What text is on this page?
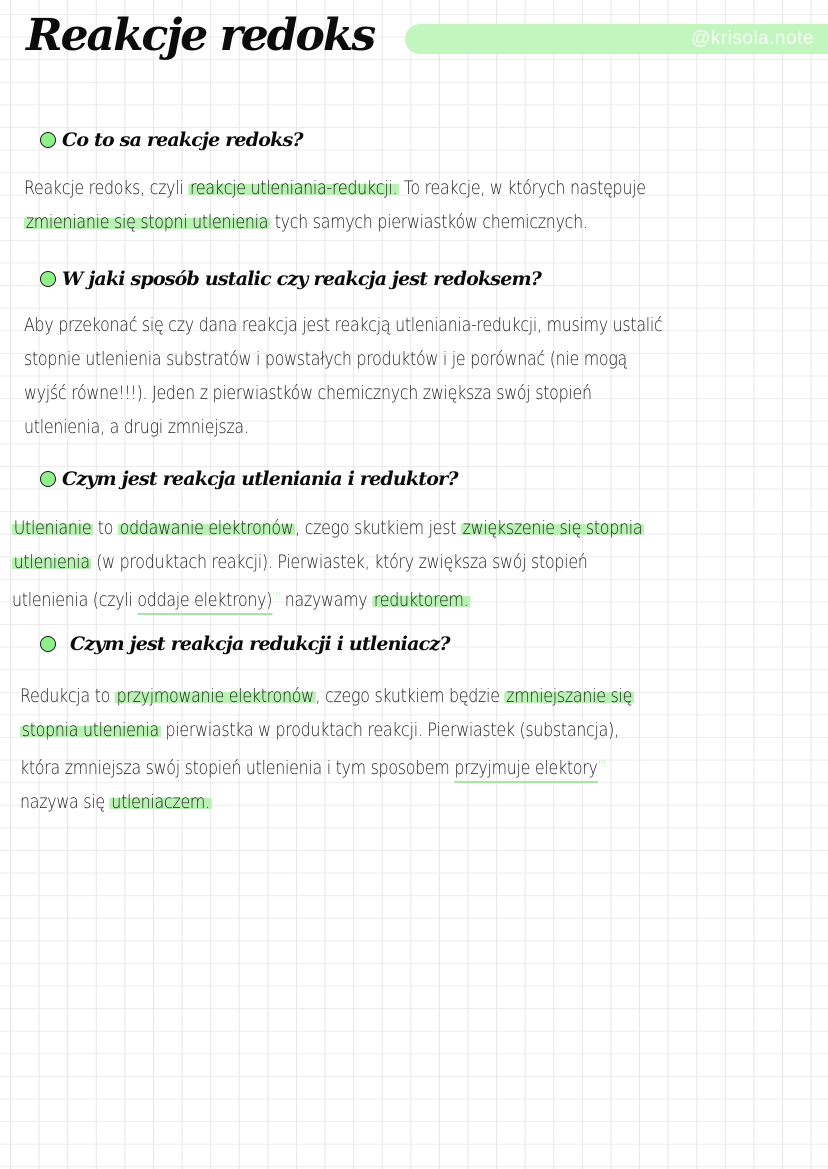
Reakcje redoks	@krisola.note
Co to sa reakcje redoks?
Reakcje redoks, czyli reakcje utleniania-redukcji. To reakcje, w których następuje
zmienianie się stopni utlenienia tych samych pierwiastków chemicznych.
W jaki sposób ustalic czy reakcja jest redoksem?
Aby przekonać się czy dana reakcja jest reakcją utleniania-redukcji, musimy ustalić
stopnie utlenienia substratów i powstałych produktów i je porównać (nie mogą
wyjść równe!!!). Jeden z pierwiastków chemicznych zwiększa swój stopień
utlenienia, a drugi zmniejsza.
Czym jest reakcja utleniania i reduktor?
Utlenianie to oddawanie elektronów, czego skutkiem jest zwiększenie się stopnia
utlenienia (w produktach reakcji). Pierwiastek, który zwiększa swój stopień
utlenienia (czyli oddaje elektrony)!!! nazywamy reduktorem.
Czym jest reakcja redukcji i utleniacz?
Redukcja to przyjmowanie elektronów, czego skutkiem będzie zmniejszanie się
stopnia utlenienia pierwiastka w produktach reakcji. Pierwiastek (substancja),
która zmniejsza swój stopień utlenienia i tym sposobem przyjmuje elektory!!!
nazywa się utleniaczem.
